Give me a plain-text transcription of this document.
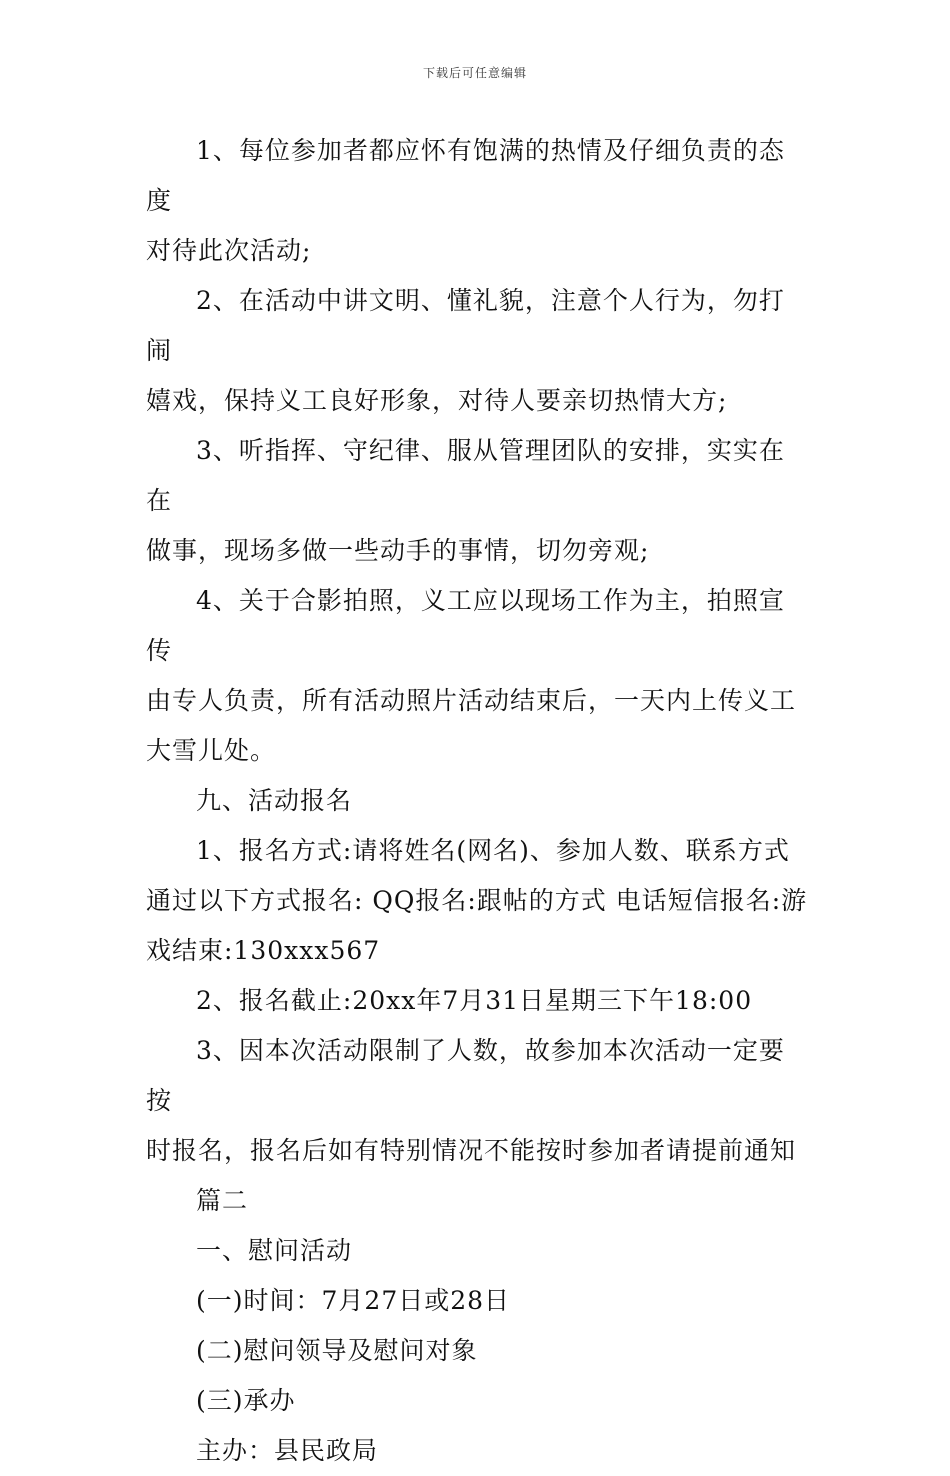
下载后可任意编辑
1、每位参加者都应怀有饱满的热情及仔细负责的态度
对待此次活动;
2、在活动中讲文明、懂礼貌，注意个人行为，勿打闹
嬉戏，保持义工良好形象，对待人要亲切热情大方;
3、听指挥、守纪律、服从管理团队的安排，实实在在
做事，现场多做一些动手的事情，切勿旁观;
4、关于合影拍照，义工应以现场工作为主，拍照宣传
由专人负责，所有活动照片活动结束后，一天内上传义工
大雪儿处。
九、活动报名
1、报名方式:请将姓名(网名)、参加人数、联系方式
通过以下方式报名: QQ报名:跟帖的方式 电话短信报名:游
戏结束:130xxx567
2、报名截止:20xx年7月31日星期三下午18:00
3、因本次活动限制了人数，故参加本次活动一定要按
时报名，报名后如有特别情况不能按时参加者请提前通知
篇二
一、慰问活动
(一)时间：7月27日或28日
(二)慰问领导及慰问对象
(三)承办
主办：县民政局
